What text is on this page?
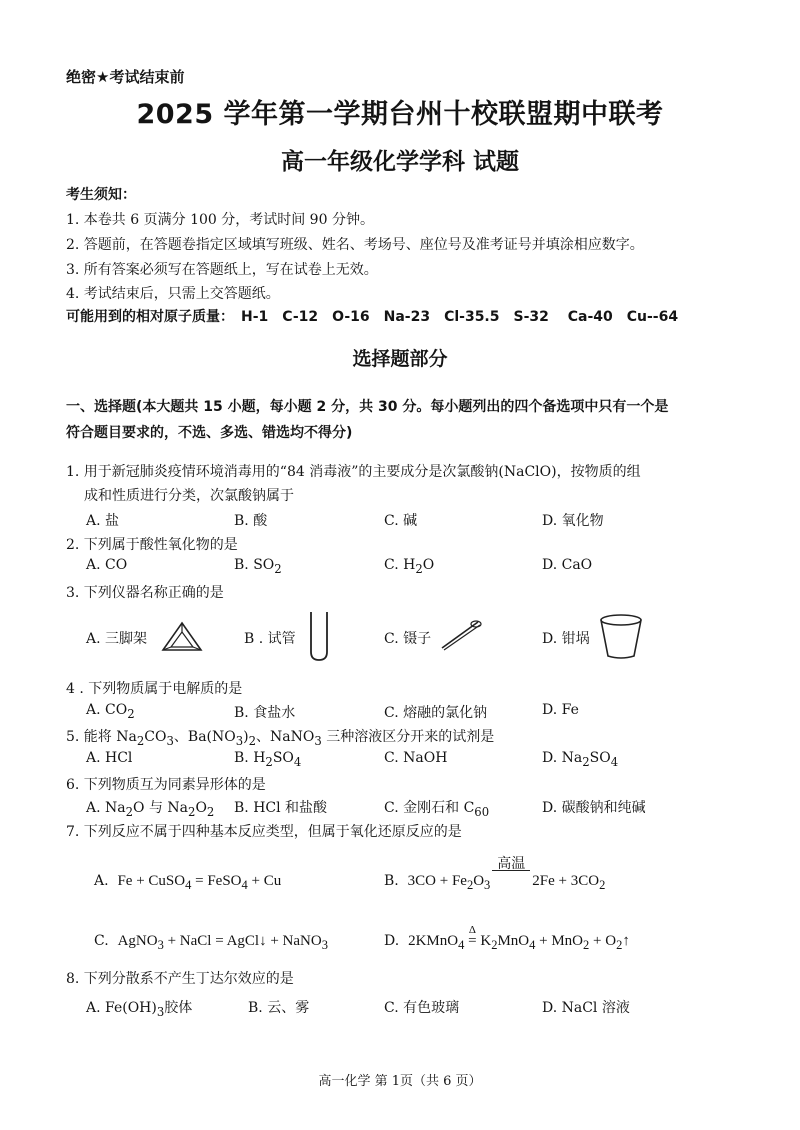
绝密★考试结束前
2025 学年第一学期台州十校联盟期中联考
高一年级化学学科 试题
考生须知：
1. 本卷共 6 页满分 100 分，考试时间 90 分钟。
2. 答题前，在答题卷指定区域填写班级、姓名、考场号、座位号及准考证号并填涂相应数字。
3. 所有答案必须写在答题纸上，写在试卷上无效。
4. 考试结束后，只需上交答题纸。
可能用到的相对原子质量：　H-1　C-12　O-16　Na-23　Cl-35.5　S-32　 Ca-40　Cu--64
选择题部分
一、选择题(本大题共 15 小题，每小题 2 分，共 30 分。每小题列出的四个备选项中只有一个是
符合题目要求的，不选、多选、错选均不得分)
1. 用于新冠肺炎疫情环境消毒用的“84 消毒液”的主要成分是次氯酸钠(NaClO)，按物质的组
成和性质进行分类，次氯酸钠属于
A. 盐	B. 酸	C. 碱	D. 氧化物
2. 下列属于酸性氧化物的是
A. CO	B. $SO_2$	C. $H_2O$	D. CaO
3. 下列仪器名称正确的是
A. 三脚架	B . 试管	C. 镊子	D. 钳埚
4 . 下列物质属于电解质的是
A. $CO_2$	B. 食盐水	C. 熔融的氯化钠	D. Fe
5. 能将 $Na_2CO_3$、$Ba(NO_3)_2$、NaNO$_3$ 三种溶液区分开来的试剂是
A. HCl	B. $H_2SO_4$	C. NaOH	D. $Na_2SO_4$
6. 下列物质互为同素异形体的是
A. $Na_2O$ 与 $Na_2O_2$ B. HCl 和盐酸	C. 金刚石和 $C_{60}$	D. 碳酸钠和纯碱
7. 下列反应不属于四种基本反应类型，但属于氧化还原反应的是
A. Fe + CuSO$_4$ = FeSO$_4$ + Cu	B. $3CO + Fe_2O_3$
高温
$2Fe + 3CO_2$
C. AgNO$_3$ + NaCl = AgCl↓ + NaNO$_3$	D. 2KMnO$_4$
Δ
= $K_2MnO_4 + MnO_2$ + $O_2↑$
8. 下列分散系不产生丁达尔效应的是
A. $Fe(OH)_3$胶体	B. 云、雾	C. 有色玻璃	D. NaCl 溶液
高一化学 第 1页（共 6 页）
